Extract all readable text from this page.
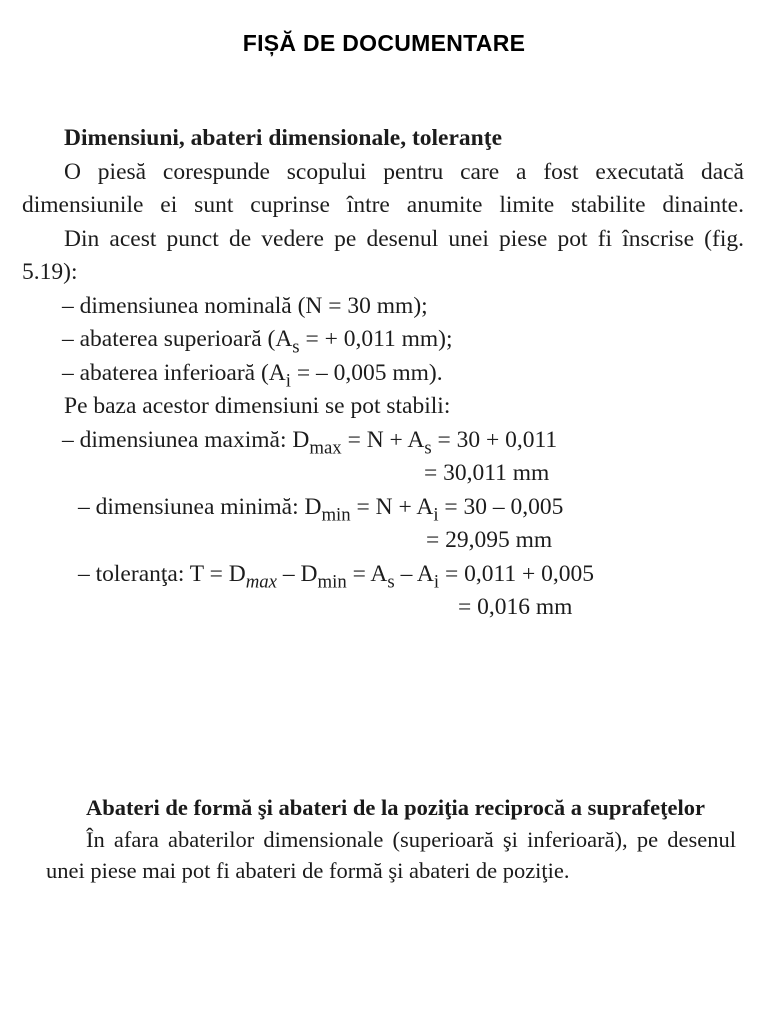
FIȘĂ DE DOCUMENTARE
Dimensiuni, abateri dimensionale, toleranţe
O piesă corespunde scopului pentru care a fost executată dacă dimensiunile ei sunt cuprinse între anumite limite stabilite dinainte.
Din acest punct de vedere pe desenul unei piese pot fi înscrise (fig. 5.19):
– dimensiunea nominală (N = 30 mm);
– abaterea superioară ($A_s$ = + 0,011 mm);
– abaterea inferioară ($A_i$ = – 0,005 mm).
Pe baza acestor dimensiuni se pot stabili:
– dimensiunea maximă: $D_{max} = N + A_s = 30 + 0,011$
= 30,011 mm
– dimensiunea minimă: $D_{min} = N + A_i = 30 - 0,005$
= 29,095 mm
– toleranţa: $T = D_{max} - D_{min} = A_s - A_i = 0,011 + 0,005$
= 0,016 mm
Abateri de formă şi abateri de la poziţia reciprocă a suprafeţelor
În afara abaterilor dimensionale (superioară şi inferioară), pe desenul unei piese mai pot fi abateri de formă şi abateri de poziţie.
